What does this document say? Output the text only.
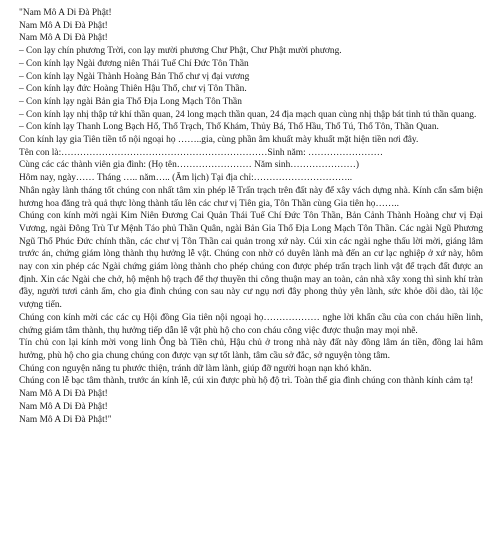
"Nam Mô A Di Đà Phật!
Nam Mô A Di Đà Phật!
Nam Mô A Di Đà Phật!
– Con lạy chín phương Trời, con lạy mười phương Chư Phật, Chư Phật mười phương.
– Con kính lạy Ngài đương niên Thái Tuế Chí Đức Tôn Thần
– Con kính lạy Ngài Thành Hoàng Bản Thổ chư vị đại vương
– Con kính lạy đức Hoàng Thiên Hậu Thổ, chư vị Tôn Thần.
– Con kính lạy ngài Bản gia Thổ Địa Long Mạch Tôn Thần
– Con kính lạy nhị thập tứ khí thần quan, 24 long mạch thần quan, 24 địa mạch quan cùng nhị thập bát tinh tú thần quang.
– Con kính lạy Thanh Long Bạch Hổ, Thổ Trạch, Thổ Khám, Thủy Bá, Thổ Hầu, Thổ Tú, Thổ Tôn, Thần Quan.
Con kính lạy gia Tiên tiền tổ nội ngoại họ ……..gia, cùng phần âm khuất mày khuất mặt hiện tiền nơi đây.
Tên con là:…………………………………………………………Sinh năm: ……………………
Cùng các các thành viên gia đình: (Họ tên…………………… Năm sinh…………………)
Hôm nay, ngày…… Tháng ….. năm….. (Âm lịch) Tại địa chỉ:…………………………..
Nhân ngày lành tháng tốt chúng con nhất tâm xin phép lễ Trấn trạch trên đất này để xây vách dựng nhà. Kính cẩn sắm biện hương hoa đăng trà quả thực lòng thành tấu lên các chư vị Tiên gia, Tôn Thần cùng Gia tiên họ……..
Chúng con kính mời ngài Kim Niên Đương Cai Quản Thái Tuế Chí Đức Tôn Thần, Bản Cảnh Thành Hoàng chư vị Đại Vương, ngài Đông Trù Tư Mệnh Táo phủ Thần Quân, ngài Bản Gia Thổ Địa Long Mạch Tôn Thần. Các ngài Ngũ Phương Ngũ Thổ Phúc Đức chính thần, các chư vị Tôn Thần cai quản trong xứ này. Cúi xin các ngài nghe thấu lời mời, giáng lâm trước án, chứng giám lòng thành thụ hưởng lễ vật. Chúng con nhờ có duyên lành mà đến an cư lạc nghiệp ở xứ này, hôm nay con xin phép các Ngài chứng giám lòng thành cho phép chúng con được phép trấn trạch linh vật để trạch đất được an định. Xin các Ngài che chở, hộ mệnh hộ trạch để thợ thuyền thi công thuận may an toàn, cản nhà xây xong thì sinh khí tràn đầy, người tươi cảnh ấm, cho gia đình chúng con sau này cư ngụ nơi đây phong thủy yên lành, sức khỏe dồi dào, tài lộc vượng tiến.
Chúng con kính mời các các cụ Hội đồng Gia tiên nội ngoại họ……………… nghe lời khẩn cầu của con cháu hiền linh, chứng giám tâm thành, thụ hưởng tiếp dẫn lễ vật phù hộ cho con cháu công việc được thuận may mọi nhẽ.
Tín chủ con lại kính mời vong linh Ông bà Tiền chủ, Hậu chủ ở trong nhà này đất này đồng lâm án tiền, đồng lai hâm hưởng, phù hộ cho gia chung chúng con được vạn sự tốt lành, tâm cầu sở đắc, sở nguyện tòng tâm.
Chúng con nguyện năng tu phước thiện, tránh dữ làm lành, giúp đỡ người hoạn nạn khó khăn.
Chúng con lễ bạc tâm thành, trước án kính lễ, cúi xin được phù hộ độ trì. Toàn thể gia đình chúng con thành kính cảm tạ!
Nam Mô A Di Đà Phật!
Nam Mô A Di Đà Phật!
Nam Mô A Di Đà Phật!"
